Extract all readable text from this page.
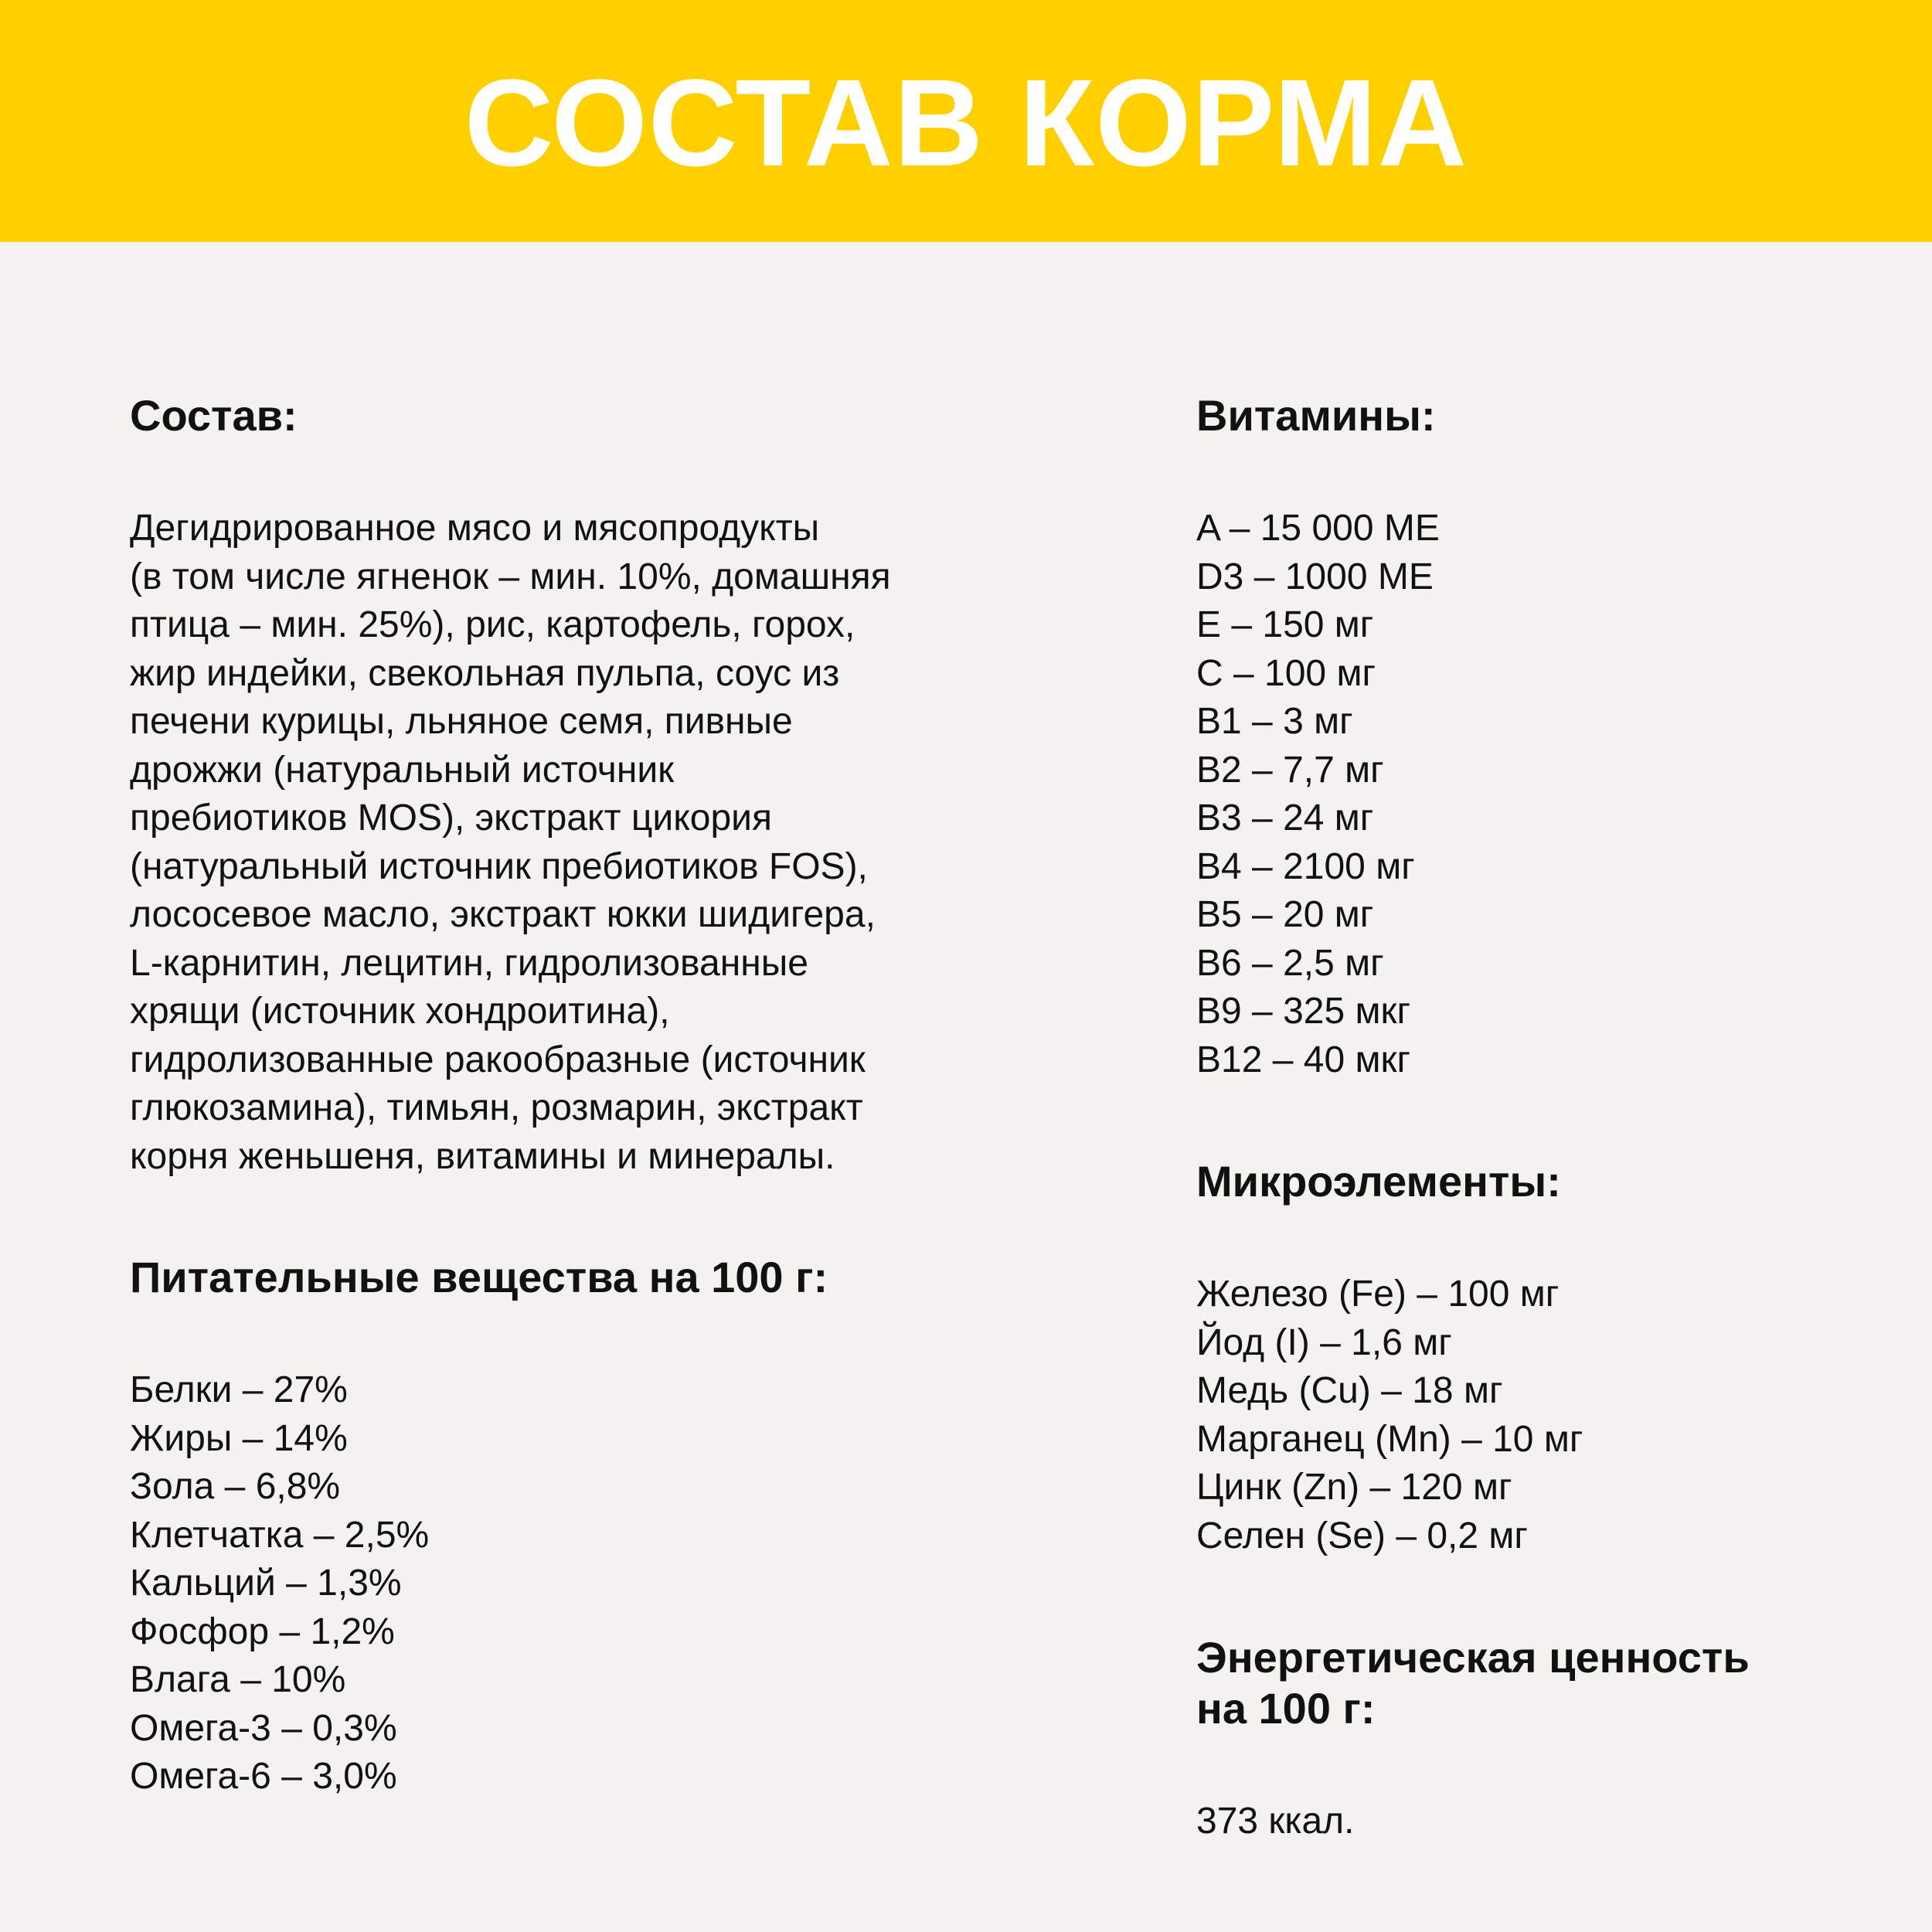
СОСТАВ КОРМА
Состав:
Дегидрированное мясо и мясопродукты
(в том числе ягненок – мин. 10%, домашняя
птица – мин. 25%), рис, картофель, горох,
жир индейки, свекольная пульпа, соус из
печени курицы, льняное семя, пивные
дрожжи (натуральный источник
пребиотиков MOS), экстракт цикория
(натуральный источник пребиотиков FOS),
лососевое масло, экстракт юкки шидигера,
L-карнитин, лецитин, гидролизованные
хрящи (источник хондроитина),
гидролизованные ракообразные (источник
глюкозамина), тимьян, розмарин, экстракт
корня женьшеня, витамины и минералы.
Питательные вещества на 100 г:
Белки – 27%
Жиры – 14%
Зола – 6,8%
Клетчатка – 2,5%
Кальций – 1,3%
Фосфор – 1,2%
Влага – 10%
Омега-3 – 0,3%
Омега-6 – 3,0%
Витамины:
A – 15 000 МЕ
D3 – 1000 МЕ
E – 150 мг
C – 100 мг
B1 – 3 мг
B2 – 7,7 мг
B3 – 24 мг
B4 – 2100 мг
B5 – 20 мг
B6 – 2,5 мг
B9 – 325 мкг
B12 – 40 мкг
Микроэлементы:
Железо (Fe) – 100 мг
Йод (I) – 1,6 мг
Медь (Cu) – 18 мг
Марганец (Mn) – 10 мг
Цинк (Zn) – 120 мг
Селен (Se) – 0,2 мг
Энергетическая ценность
на 100 г:
373 ккал.
